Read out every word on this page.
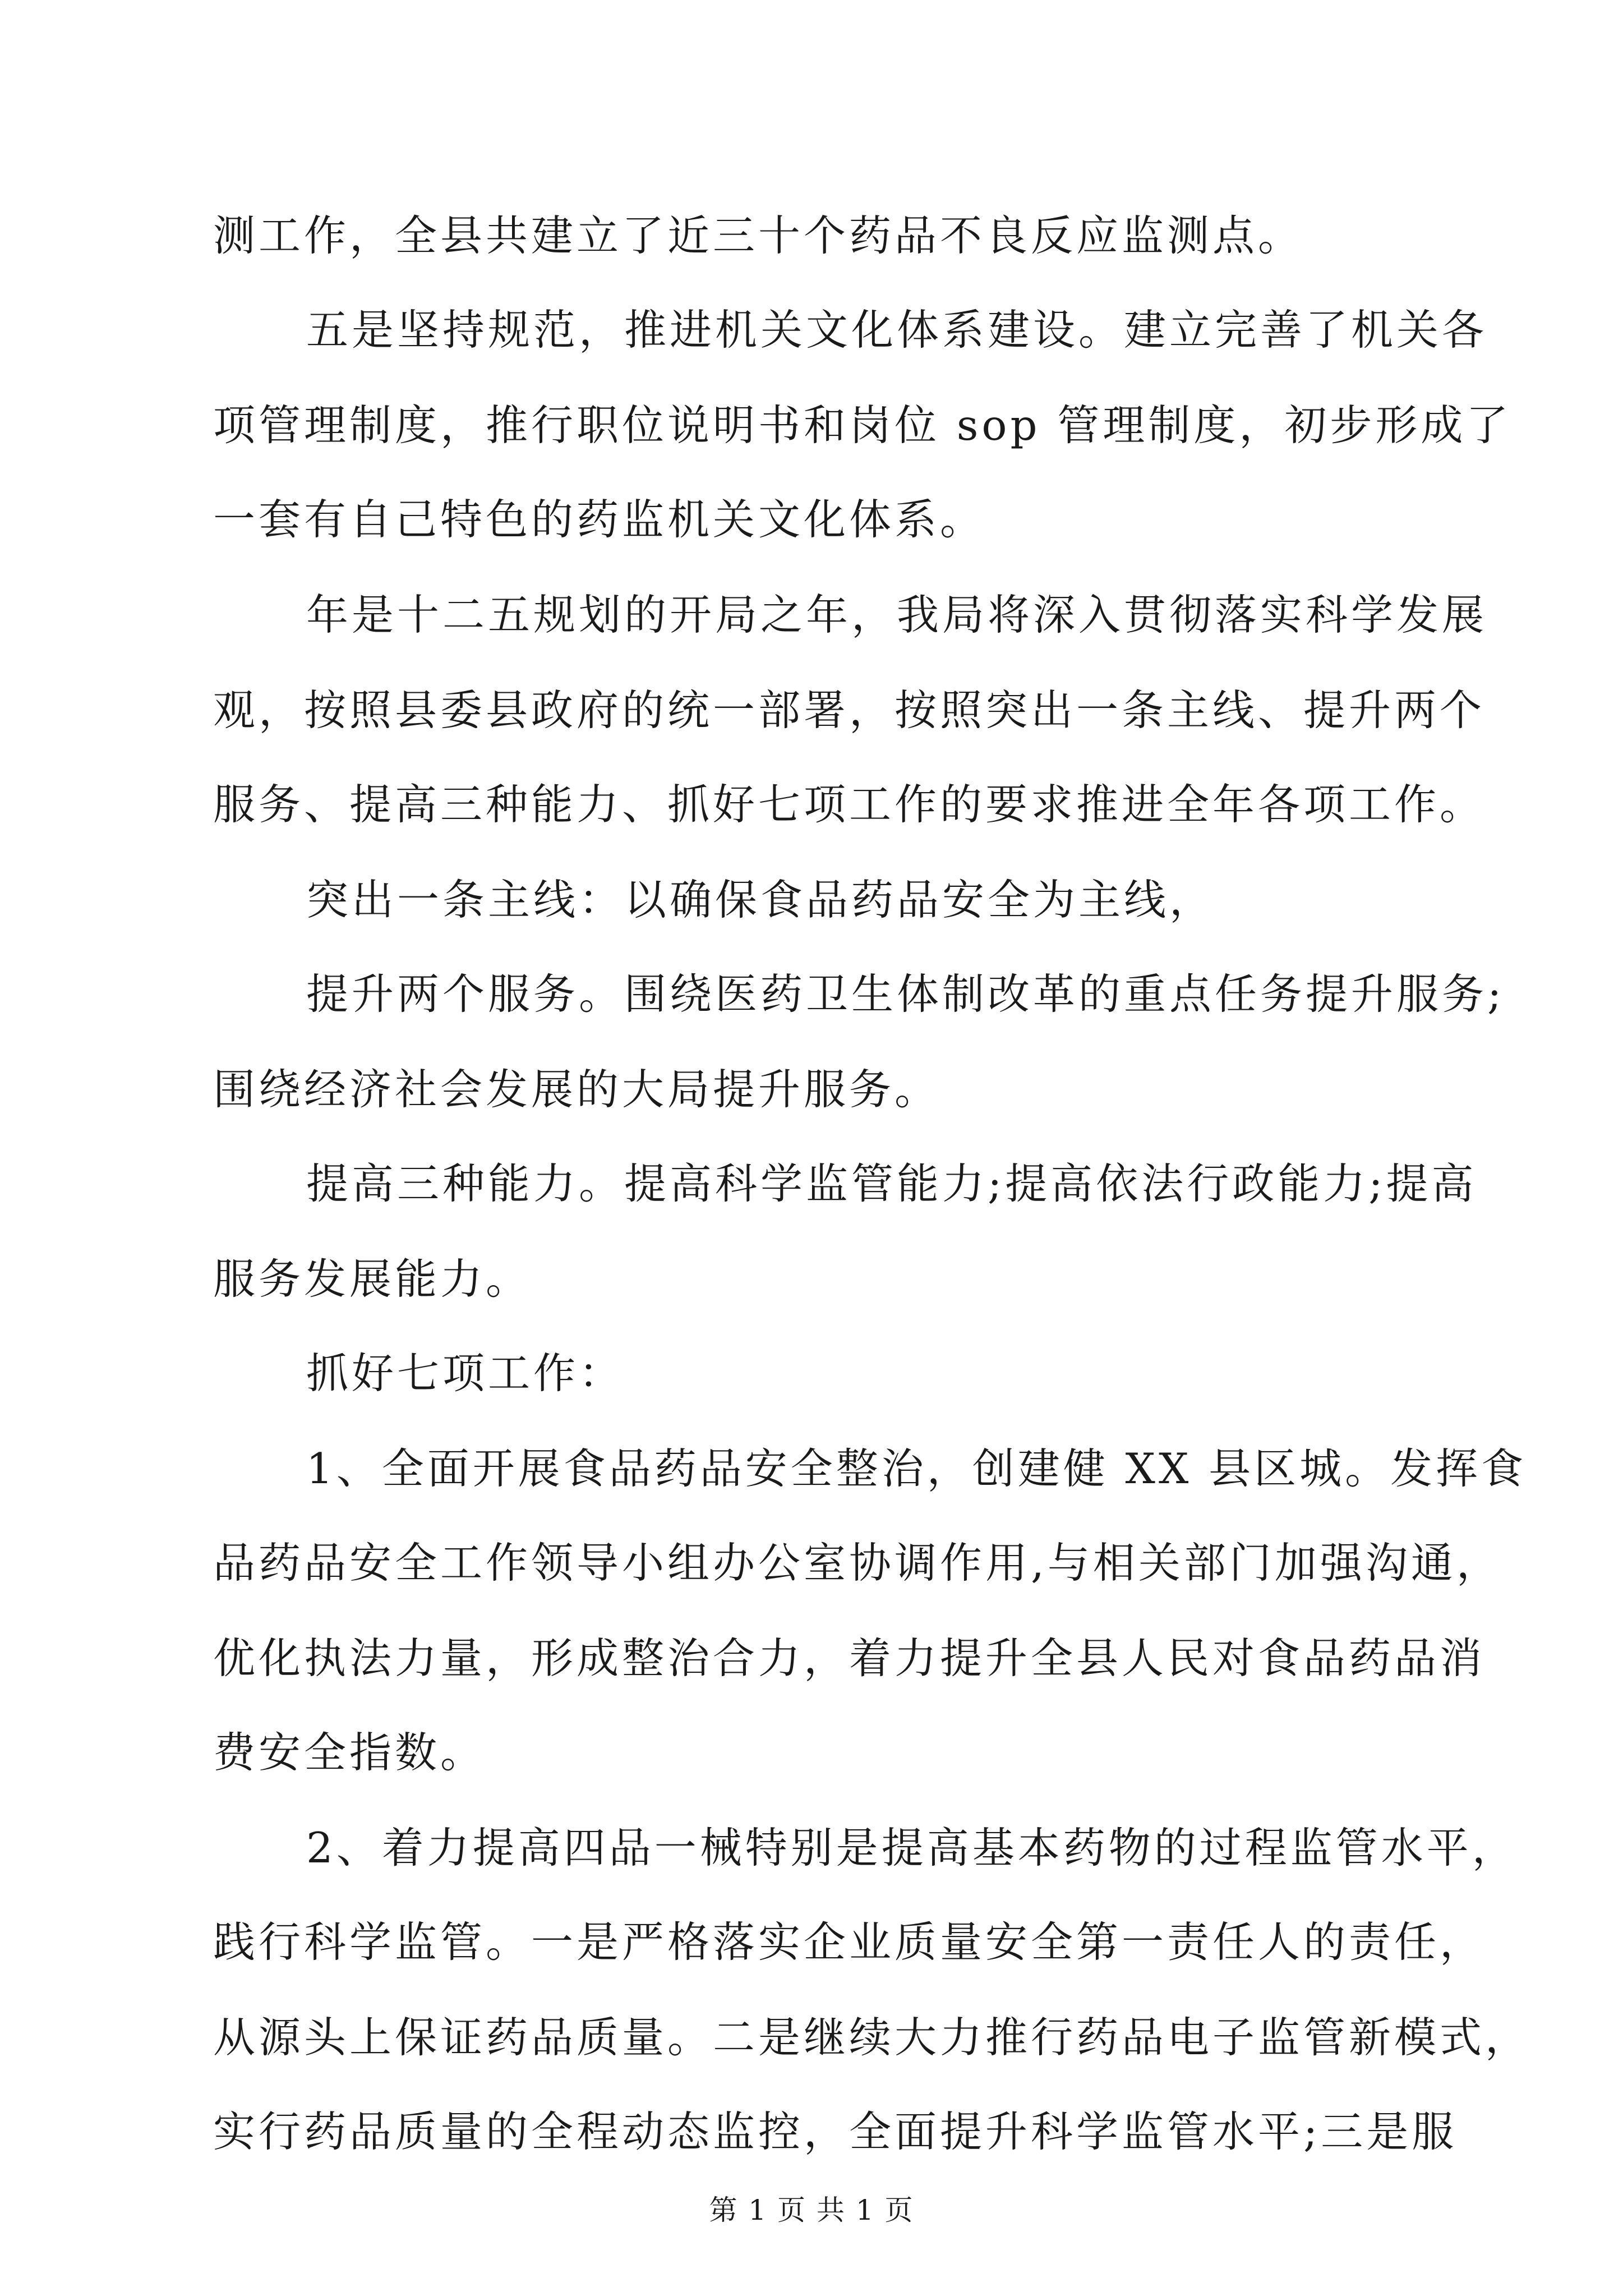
测工作，全县共建立了近三十个药品不良反应监测点。
五是坚持规范，推进机关文化体系建设。建立完善了机关各
项管理制度，推行职位说明书和岗位 sop 管理制度，初步形成了
一套有自己特色的药监机关文化体系。
年是十二五规划的开局之年，我局将深入贯彻落实科学发展
观，按照县委县政府的统一部署，按照突出一条主线、提升两个
服务、提高三种能力、抓好七项工作的要求推进全年各项工作。
突出一条主线：以确保食品药品安全为主线，
提升两个服务。围绕医药卫生体制改革的重点任务提升服务;
围绕经济社会发展的大局提升服务。
提高三种能力。提高科学监管能力;提高依法行政能力;提高
服务发展能力。
抓好七项工作：
1、全面开展食品药品安全整治，创建健 XX 县区城。发挥食
品药品安全工作领导小组办公室协调作用,与相关部门加强沟通，
优化执法力量，形成整治合力，着力提升全县人民对食品药品消
费安全指数。
2、着力提高四品一械特别是提高基本药物的过程监管水平，
践行科学监管。一是严格落实企业质量安全第一责任人的责任，
从源头上保证药品质量。二是继续大力推行药品电子监管新模式，
实行药品质量的全程动态监控，全面提升科学监管水平;三是服
第 1 页 共 1 页
